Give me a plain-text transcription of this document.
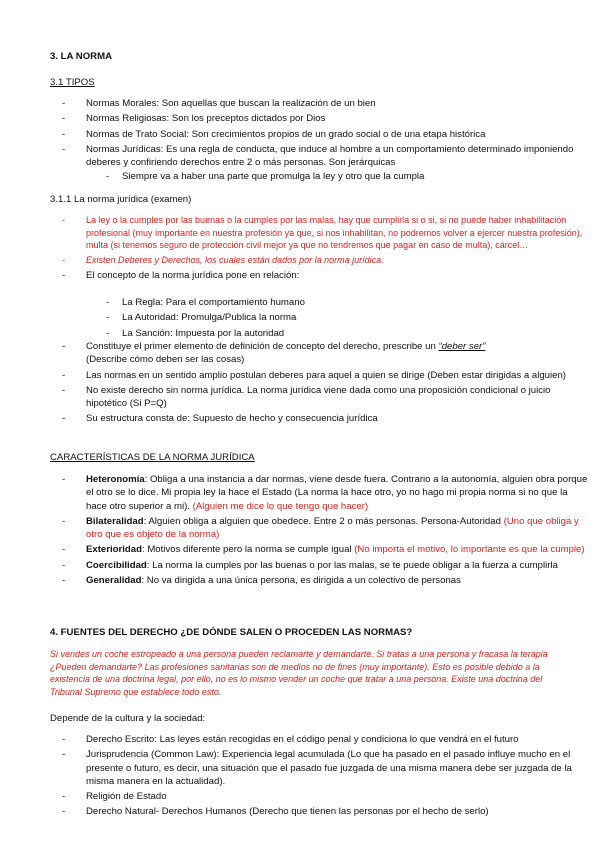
3. LA NORMA

3.1 TIPOS

- Normas Morales: Son aquellas que buscan la realización de un bien
- Normas Religiosas: Son los preceptos dictados por Dios
- Normas de Trato Social: Son crecimientos propios de un grado social o de una etapa histórica
- Normas Jurídicas: Es una regla de conducta, que induce al hombre a un comportamiento determinado imponiendo deberes y confiriendo derechos entre 2 o más personas. Son jerárquicas
- Siempre va a haber una parte que promulga la ley y otro que la cumpla

3.1.1 La norma jurídica (examen)

- La ley o la cumples por las buenas o la cumples por las malas, hay que cumplirla si o si, si no puede haber inhabilitación profesional (muy importante en nuestra profesión ya que, si nos inhabilitan, no podremos volver a ejercer nuestra profesión), multa (si tenemos seguro de protección civil mejor ya que no tendremos que pagar en caso de multa), cárcel…
- Existen Deberes y Derechos, los cuales están dados por la norma jurídica.
- El concepto de la norma jurídica pone en relación:
- La Regla: Para el comportamiento humano
- La Autoridad: Promulga/Publica la norma
- La Sanción: Impuesta por la autoridad
- Constituye el primer elemento de definición de concepto del derecho, prescribe un “deber ser”
(Describe cómo deben ser las cosas)
- Las normas en un sentido amplio postulan deberes para aquel a quien se dirige (Deben estar dirigidas a alguien)
- No existe derecho sin norma jurídica. La norma jurídica viene dada como una proposición condicional o juicio hipotético (Si P=Q)
- Su estructura consta de: Supuesto de hecho y consecuencia jurídica

CARACTERÍSTICAS DE LA NORMA JURÍDICA

- Heteronomía: Obliga a una instancia a dar normas, viene desde fuera. Contrario a la autonomía, alguien obra porque el otro se lo dice. Mi propia ley la hace el Estado (La norma la hace otro, yo no hago mi propia norma si no que la hace otro superior a mi). (Alguien me dice lo que tengo que hacer)
- Bilateralidad: Alguien obliga a alguien que obedece. Entre 2 o más personas. Persona-Autoridad (Uno que obliga y otro que es objeto de la norma)
- Exterioridad: Motivos diferente pero la norma se cumple igual (No importa el motivo, lo importante es que la cumple)
- Coercibilidad: La norma la cumples por las buenas o por las malas, se te puede obligar a la fuerza a cumplirla
- Generalidad: No va dirigida a una única persona, es dirigida a un colectivo de personas

4. FUENTES DEL DERECHO ¿DE DÓNDE SALEN O PROCEDEN LAS NORMAS?

Si vendes un coche estropeado a una persona pueden reclamarte y demandarte. Si tratas a una persona y fracasa la terapia ¿Pueden demandarte? Las profesiones sanitarias son de medios no de fines (muy importante). Esto es posible debido a la existencia de una doctrina legal, por ello, no es lo mismo vender un coche que tratar a una persona. Existe una doctrina del Tribunal Supremo que establece todo esto.

Depende de la cultura y la sociedad:

- Derecho Escrito: Las leyes están recogidas en el código penal y condiciona lo que vendrá en el futuro
- Jurisprudencia (Common Law): Experiencia legal acumulada (Lo que ha pasado en el pasado influye mucho en el presente o futuro, es decir, una situación que el pasado fue juzgada de una misma manera debe ser juzgada de la misma manera en la actualidad).
- Religión de Estado
- Derecho Natural- Derechos Humanos (Derecho que tienen las personas por el hecho de serlo)
